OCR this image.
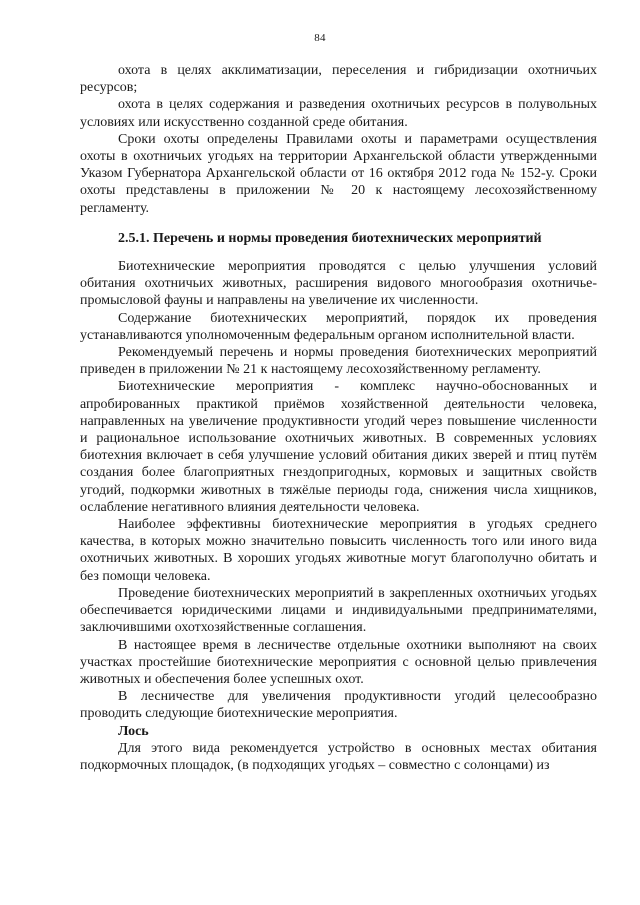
84

охота в целях акклиматизации, переселения и гибридизации охотничьих ресурсов;

охота в целях содержания и разведения охотничьих ресурсов в полувольных условиях или искусственно созданной среде обитания.

Сроки охоты определены Правилами охоты и параметрами осуществления охоты в охотничьих угодьях на территории Архангельской области утвержденными Указом Губернатора Архангельской области от 16 октября 2012 года № 152-у. Сроки охоты представлены в приложении № 20 к настоящему лесохозяйственному регламенту.

2.5.1. Перечень и нормы проведения биотехнических мероприятий

Биотехнические мероприятия проводятся с целью улучшения условий обитания охотничьих животных, расширения видового многообразия охотничье-промысловой фауны и направлены на увеличение их численности.

Содержание биотехнических мероприятий, порядок их проведения устанавливаются уполномоченным федеральным органом исполнительной власти.

Рекомендуемый перечень и нормы проведения биотехнических мероприятий приведен в приложении № 21 к настоящему лесохозяйственному регламенту.

Биотехнические мероприятия - комплекс научно-обоснованных и апробированных практикой приёмов хозяйственной деятельности человека, направленных на увеличение продуктивности угодий через повышение численности и рациональное использование охотничьих животных. В современных условиях биотехния включает в себя улучшение условий обитания диких зверей и птиц путём создания более благоприятных гнездопригодных, кормовых и защитных свойств угодий, подкормки животных в тяжёлые периоды года, снижения числа хищников, ослабление негативного влияния деятельности человека.

Наиболее эффективны биотехнические мероприятия в угодьях среднего качества, в которых можно значительно повысить численность того или иного вида охотничьих животных. В хороших угодьях животные могут благополучно обитать и без помощи человека.

Проведение биотехнических мероприятий в закрепленных охотничьих угодьях обеспечивается юридическими лицами и индивидуальными предпринимателями, заключившими охотхозяйственные соглашения.

В настоящее время в лесничестве отдельные охотники выполняют на своих участках простейшие биотехнические мероприятия с основной целью привлечения животных и обеспечения более успешных охот.

В лесничестве для увеличения продуктивности угодий целесообразно проводить следующие биотехнические мероприятия.

Лось

Для этого вида рекомендуется устройство в основных местах обитания подкормочных площадок, (в подходящих угодьях – совместно с солонцами) из
